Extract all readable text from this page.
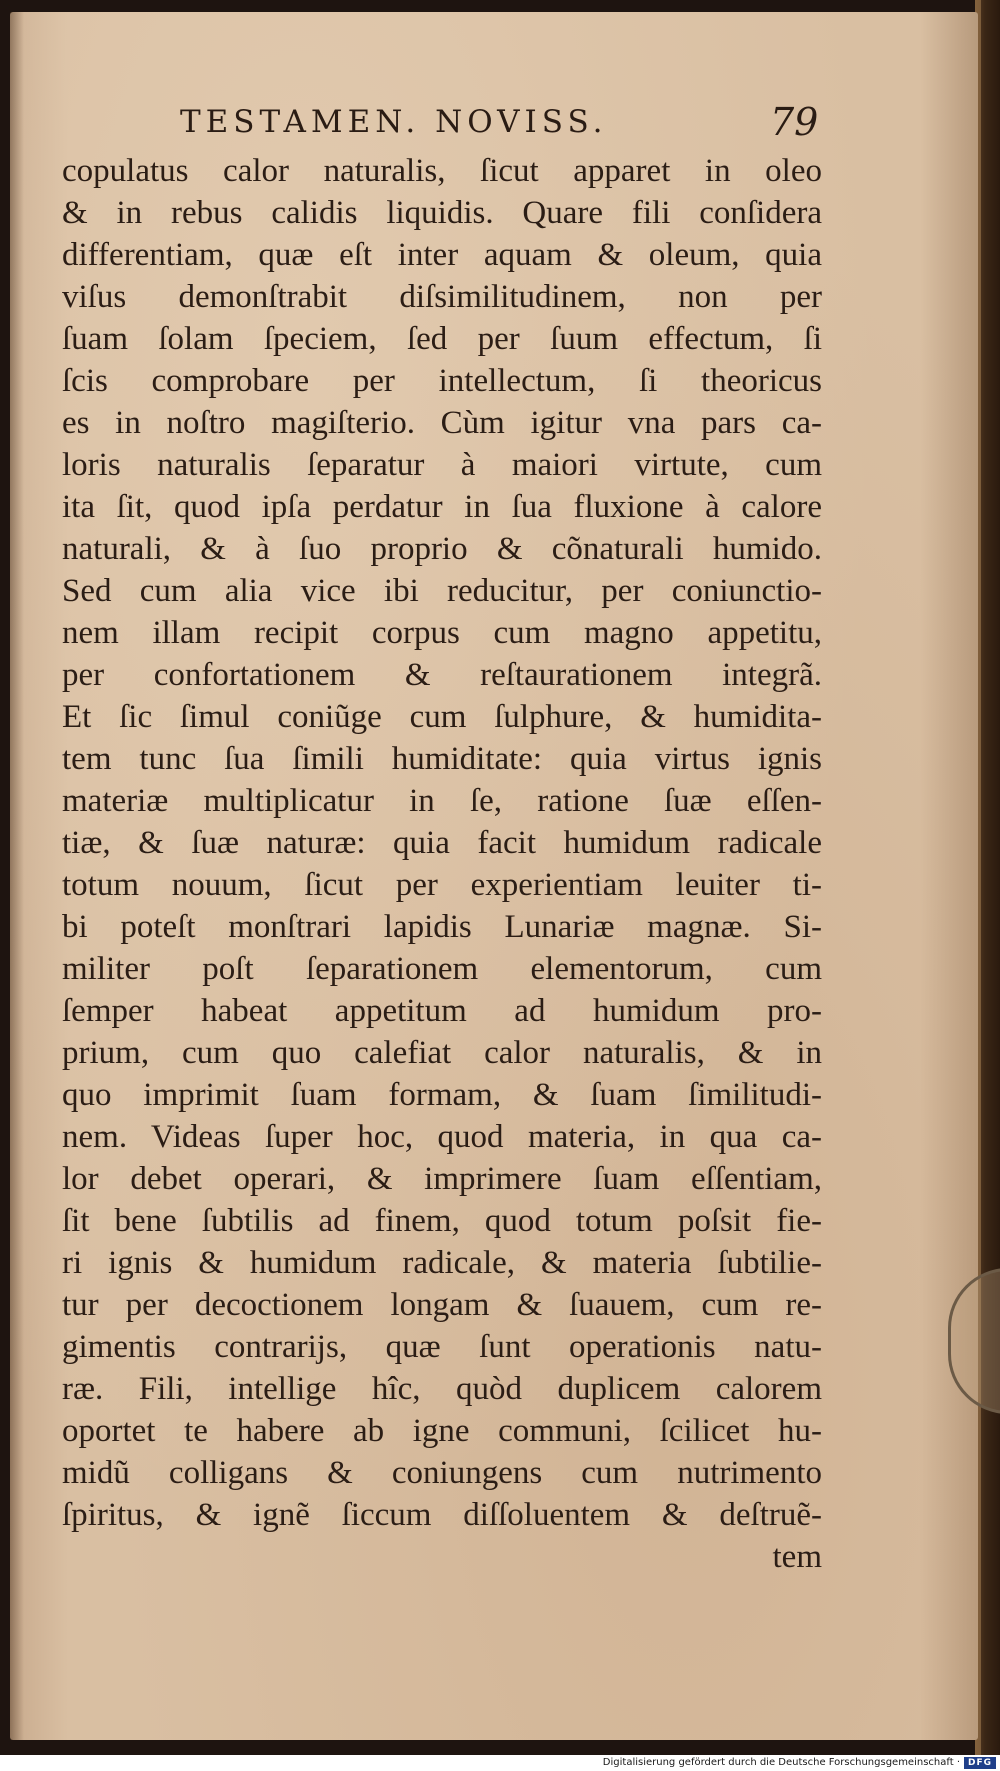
TESTAMEN. NOVISS.	79
copulatus calor naturalis, ſicut apparet in oleo
& in rebus calidis liquidis. Quare fili conſidera
differentiam, quæ eſt inter aquam & oleum, quia
viſus demonſtrabit diſsimilitudinem, non per
ſuam ſolam ſpeciem, ſed per ſuum effectum, ſi
ſcis comprobare per intellectum, ſi theoricus
es in noſtro magiſterio. Cùm igitur vna pars ca-
loris naturalis ſeparatur à maiori virtute, cum
ita ſit, quod ipſa perdatur in ſua fluxione à calore
naturali, & à ſuo proprio & cõnaturali humido.
Sed cum alia vice ibi reducitur, per coniunctio-
nem illam recipit corpus cum magno appetitu,
per confortationem & reſtaurationem integrã.
Et ſic ſimul coniũge cum ſulphure, & humidita-
tem tunc ſua ſimili humiditate: quia virtus ignis
materiæ multiplicatur in ſe, ratione ſuæ eſſen-
tiæ, & ſuæ naturæ: quia facit humidum radicale
totum nouum, ſicut per experientiam leuiter ti-
bi poteſt monſtrari lapidis Lunariæ magnæ. Si-
militer poſt ſeparationem elementorum, cum
ſemper habeat appetitum ad humidum pro-
prium, cum quo calefiat calor naturalis, & in
quo imprimit ſuam formam, & ſuam ſimilitudi-
nem. Videas ſuper hoc, quod materia, in qua ca-
lor debet operari, & imprimere ſuam eſſentiam,
ſit bene ſubtilis ad finem, quod totum poſsit fie-
ri ignis & humidum radicale, & materia ſubtilie-
tur per decoctionem longam & ſuauem, cum re-
gimentis contrarijs, quæ ſunt operationis natu-
ræ. Fili, intellige hîc, quòd duplicem calorem
oportet te habere ab igne communi, ſcilicet hu-
midũ colligans & coniungens cum nutrimento
ſpiritus, & ignẽ ſiccum diſſoluentem & deſtruẽ-
tem
Digitalisierung gefördert durch die Deutsche Forschungsgemeinschaft · DFG
